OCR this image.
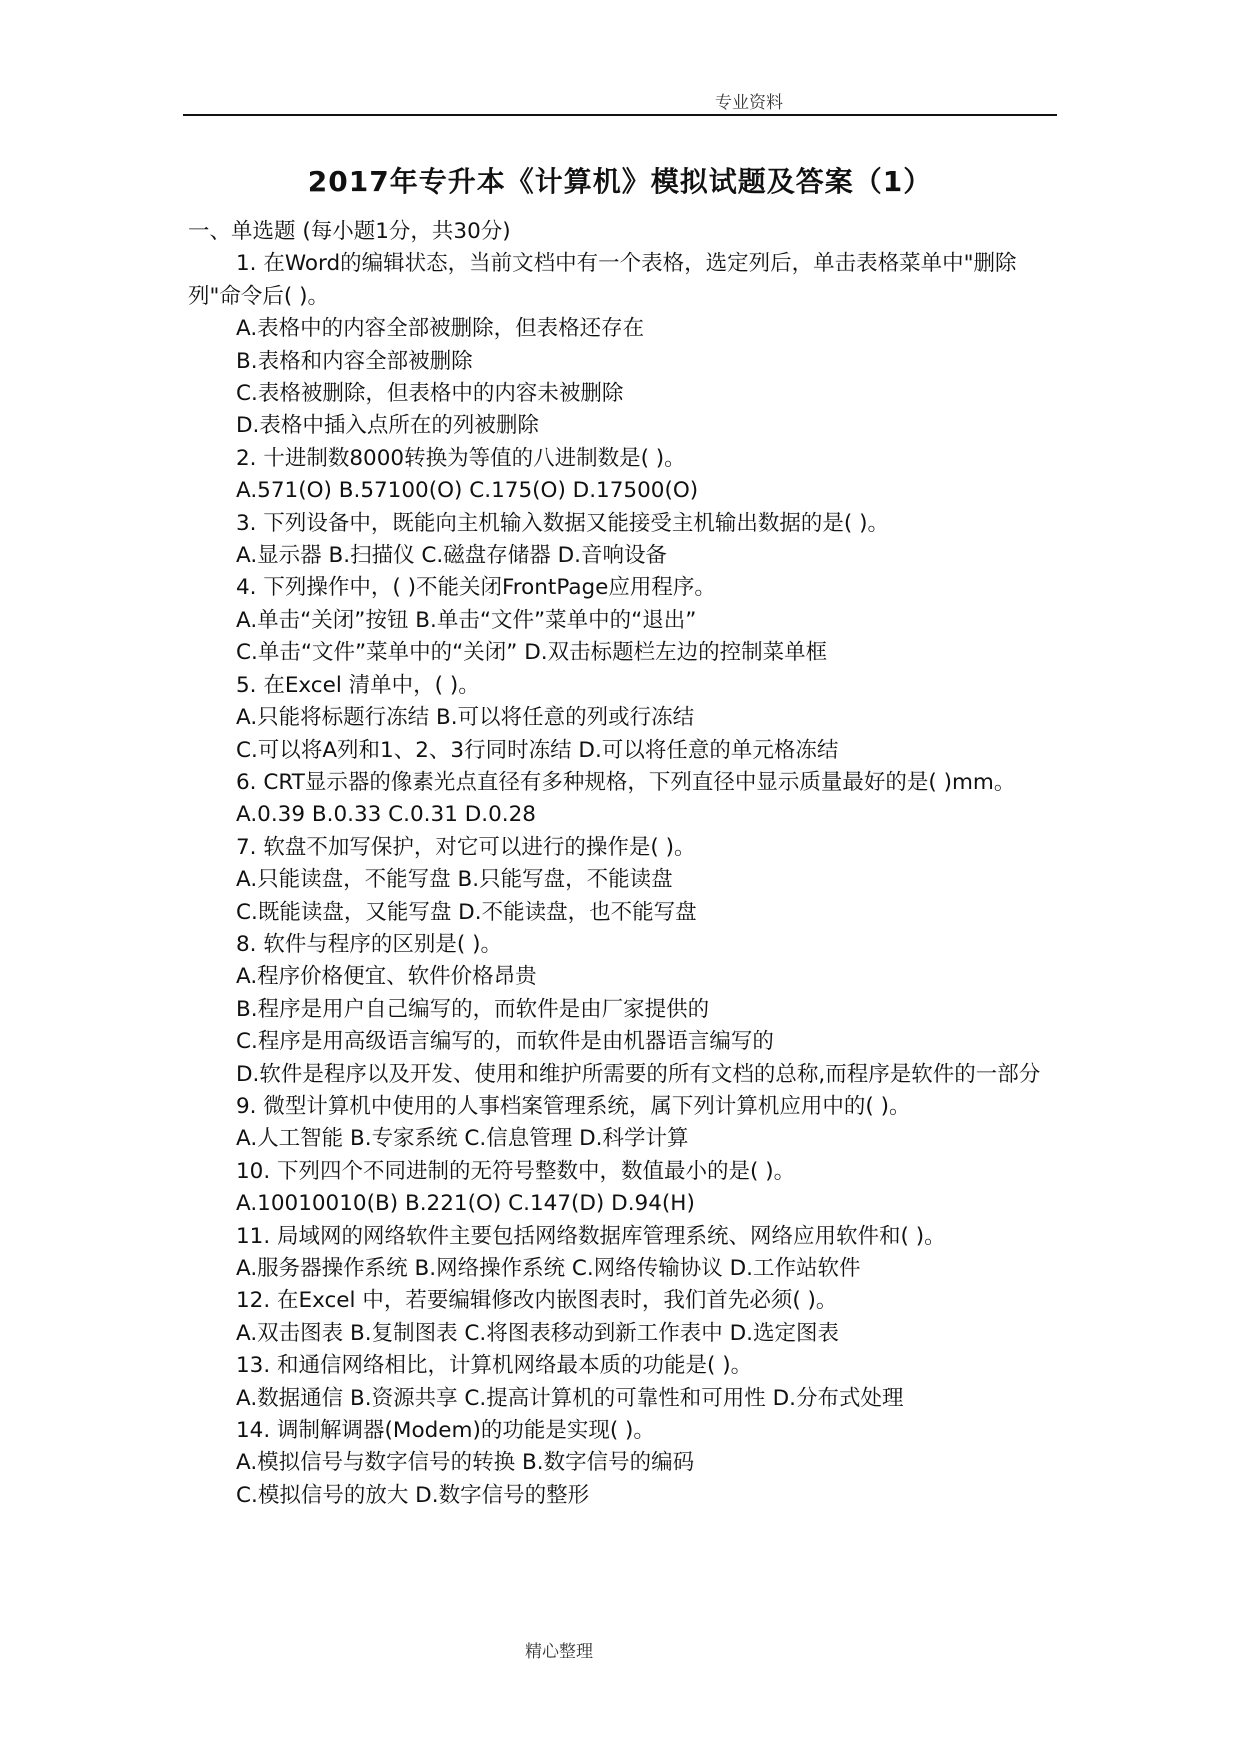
专业资料
2017年专升本《计算机》模拟试题及答案（1）
一、单选题 (每小题1分，共30分)
1. 在Word的编辑状态，当前文档中有一个表格，选定列后，单击表格菜单中"删除列"命令后( )。
A.表格中的内容全部被删除，但表格还存在
B.表格和内容全部被删除
C.表格被删除，但表格中的内容未被删除
D.表格中插入点所在的列被删除
2. 十进制数8000转换为等值的八进制数是( )。
A.571(O) B.57100(O) C.175(O) D.17500(O)
3. 下列设备中，既能向主机输入数据又能接受主机输出数据的是( )。
A.显示器 B.扫描仪 C.磁盘存储器 D.音响设备
4. 下列操作中，( )不能关闭FrontPage应用程序。
A.单击“关闭”按钮 B.单击“文件”菜单中的“退出”
C.单击“文件”菜单中的“关闭” D.双击标题栏左边的控制菜单框
5. 在Excel 清单中，( )。
A.只能将标题行冻结 B.可以将任意的列或行冻结
C.可以将A列和1、2、3行同时冻结 D.可以将任意的单元格冻结
6. CRT显示器的像素光点直径有多种规格，下列直径中显示质量最好的是( )mm。
A.0.39 B.0.33 C.0.31 D.0.28
7. 软盘不加写保护，对它可以进行的操作是( )。
A.只能读盘，不能写盘 B.只能写盘，不能读盘
C.既能读盘，又能写盘 D.不能读盘，也不能写盘
8. 软件与程序的区别是( )。
A.程序价格便宜、软件价格昂贵
B.程序是用户自己编写的，而软件是由厂家提供的
C.程序是用高级语言编写的，而软件是由机器语言编写的
D.软件是程序以及开发、使用和维护所需要的所有文档的总称,而程序是软件的一部分
9. 微型计算机中使用的人事档案管理系统，属下列计算机应用中的( )。
A.人工智能 B.专家系统 C.信息管理 D.科学计算
10. 下列四个不同进制的无符号整数中，数值最小的是( )。
A.10010010(B) B.221(O) C.147(D) D.94(H)
11. 局域网的网络软件主要包括网络数据库管理系统、网络应用软件和( )。
A.服务器操作系统 B.网络操作系统 C.网络传输协议 D.工作站软件
12. 在Excel 中，若要编辑修改内嵌图表时，我们首先必须( )。
A.双击图表 B.复制图表 C.将图表移动到新工作表中 D.选定图表
13. 和通信网络相比，计算机网络最本质的功能是( )。
A.数据通信 B.资源共享 C.提高计算机的可靠性和可用性 D.分布式处理
14. 调制解调器(Modem)的功能是实现( )。
A.模拟信号与数字信号的转换 B.数字信号的编码
C.模拟信号的放大 D.数字信号的整形
精心整理
